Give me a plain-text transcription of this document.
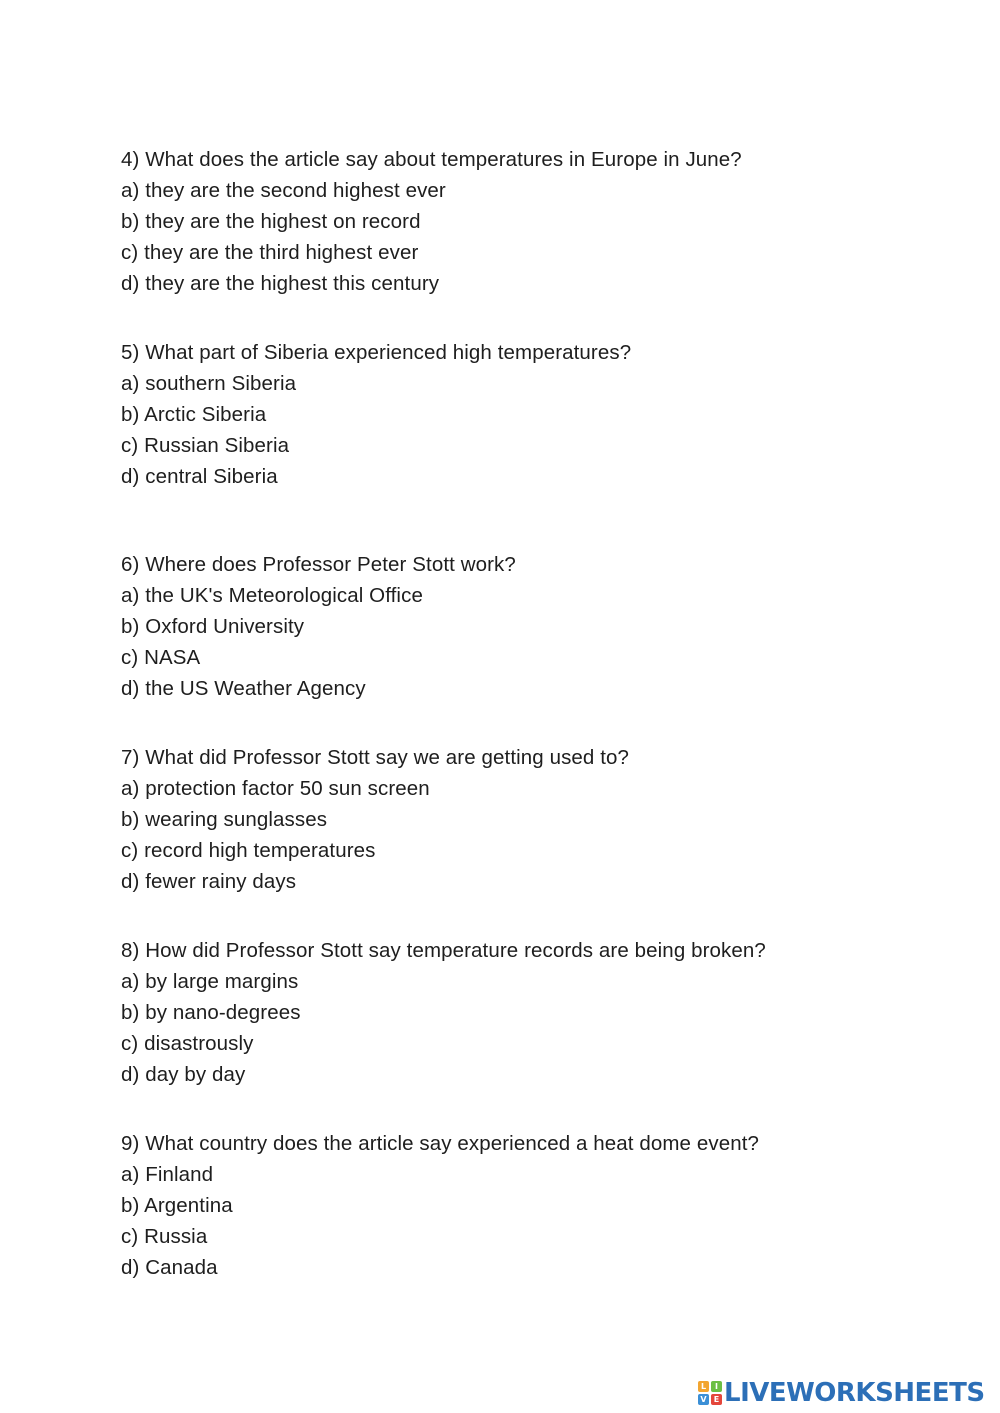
4) What does the article say about temperatures in Europe in June?
a) they are the second highest ever
b) they are the highest on record
c) they are the third highest ever
d) they are the highest this century
5) What part of Siberia experienced high temperatures?
a) southern Siberia
b) Arctic Siberia
c) Russian Siberia
d) central Siberia
6) Where does Professor Peter Stott work?
a) the UK's Meteorological Office
b) Oxford University
c) NASA
d) the US Weather Agency
7) What did Professor Stott say we are getting used to?
a) protection factor 50 sun screen
b) wearing sunglasses
c) record high temperatures
d) fewer rainy days
8) How did Professor Stott say temperature records are being broken?
a) by large margins
b) by nano-degrees
c) disastrously
d) day by day
9) What country does the article say experienced a heat dome event?
a) Finland
b) Argentina
c) Russia
d) Canada
L	I
V E LIVEWORKSHEETS
